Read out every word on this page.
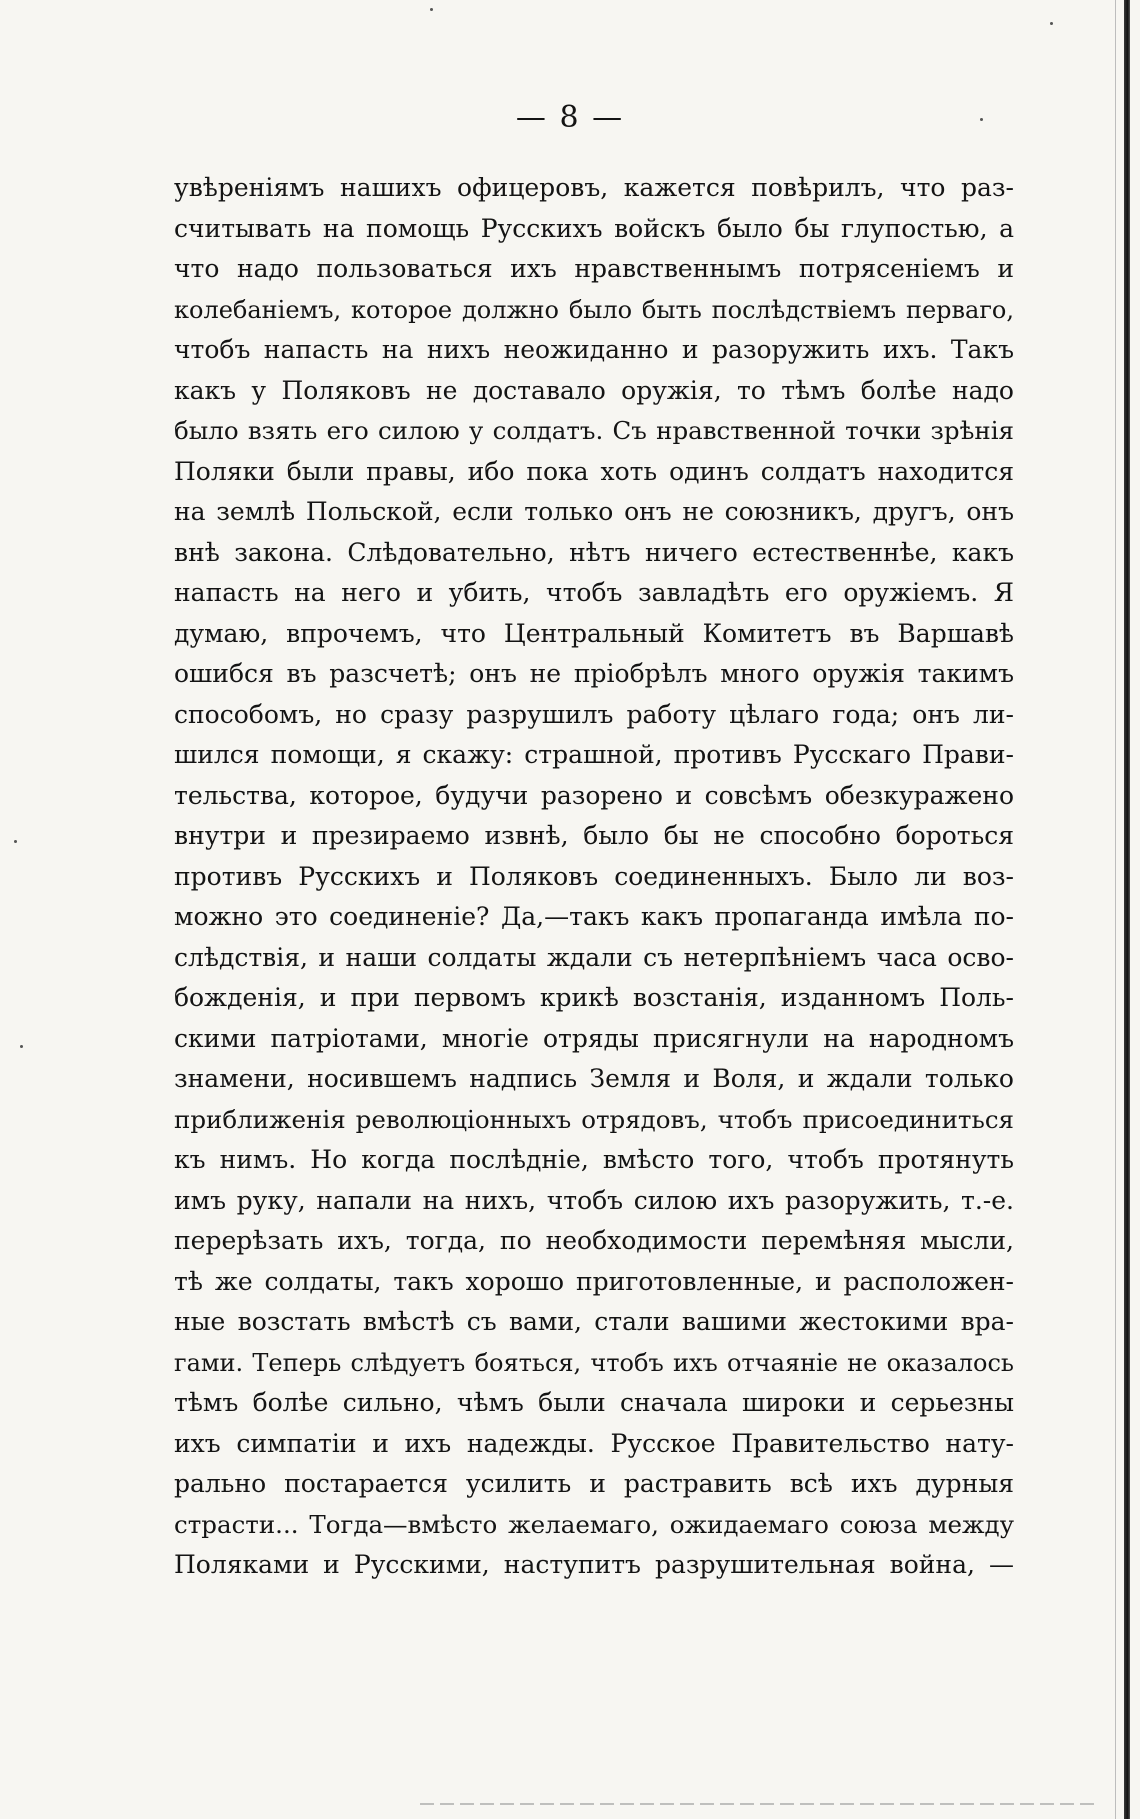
— 8 —
увѣреніямъ нашихъ офицеровъ, кажется повѣрилъ, что раз-
считывать на помощь Русскихъ войскъ было бы глупостью, а
что надо пользоваться ихъ нравственнымъ потрясеніемъ и
колебаніемъ, которое должно было быть послѣдствіемъ перваго,
чтобъ напасть на нихъ неожиданно и разоружить ихъ. Такъ
какъ у Поляковъ не доставало оружія, то тѣмъ болѣе надо
было взять его силою у солдатъ. Съ нравственной точки зрѣнія
Поляки были правы, ибо пока хоть одинъ солдатъ находится
на землѣ Польской, если только онъ не союзникъ, другъ, онъ
внѣ закона. Слѣдовательно, нѣтъ ничего естественнѣе, какъ
напасть на него и убить, чтобъ завладѣть его оружіемъ. Я
думаю, впрочемъ, что Центральный Комитетъ въ Варшавѣ
ошибся въ разсчетѣ; онъ не пріобрѣлъ много оружія такимъ
способомъ, но сразу разрушилъ работу цѣлаго года; онъ ли-
шился помощи, я скажу: страшной, противъ Русскаго Прави-
тельства, которое, будучи разорено и совсѣмъ обезкуражено
внутри и презираемо извнѣ, было бы не способно бороться
противъ Русскихъ и Поляковъ соединенныхъ. Было ли воз-
можно это соединеніе? Да,—такъ какъ пропаганда имѣла по-
слѣдствія, и наши солдаты ждали съ нетерпѣніемъ часа осво-
божденія, и при первомъ крикѣ возстанія, изданномъ Поль-
скими патріотами, многіе отряды присягнули на народномъ
знамени, носившемъ надпись Земля и Воля, и ждали только
приближенія революціонныхъ отрядовъ, чтобъ присоединиться
къ нимъ. Но когда послѣдніе, вмѣсто того, чтобъ протянуть
имъ руку, напали на нихъ, чтобъ силою ихъ разоружить, т.-е.
перерѣзать ихъ, тогда, по необходимости перемѣняя мысли,
тѣ же солдаты, такъ хорошо приготовленные, и расположен-
ные возстать вмѣстѣ съ вами, стали вашими жестокими вра-
гами. Теперь слѣдуетъ бояться, чтобъ ихъ отчаяніе не оказалось
тѣмъ болѣе сильно, чѣмъ были сначала широки и серьезны
ихъ симпатіи и ихъ надежды. Русское Правительство нату-
рально постарается усилить и растравить всѣ ихъ дурныя
страсти... Тогда—вмѣсто желаемаго, ожидаемаго союза между
Поляками и Русскими, наступитъ разрушительная война, —
